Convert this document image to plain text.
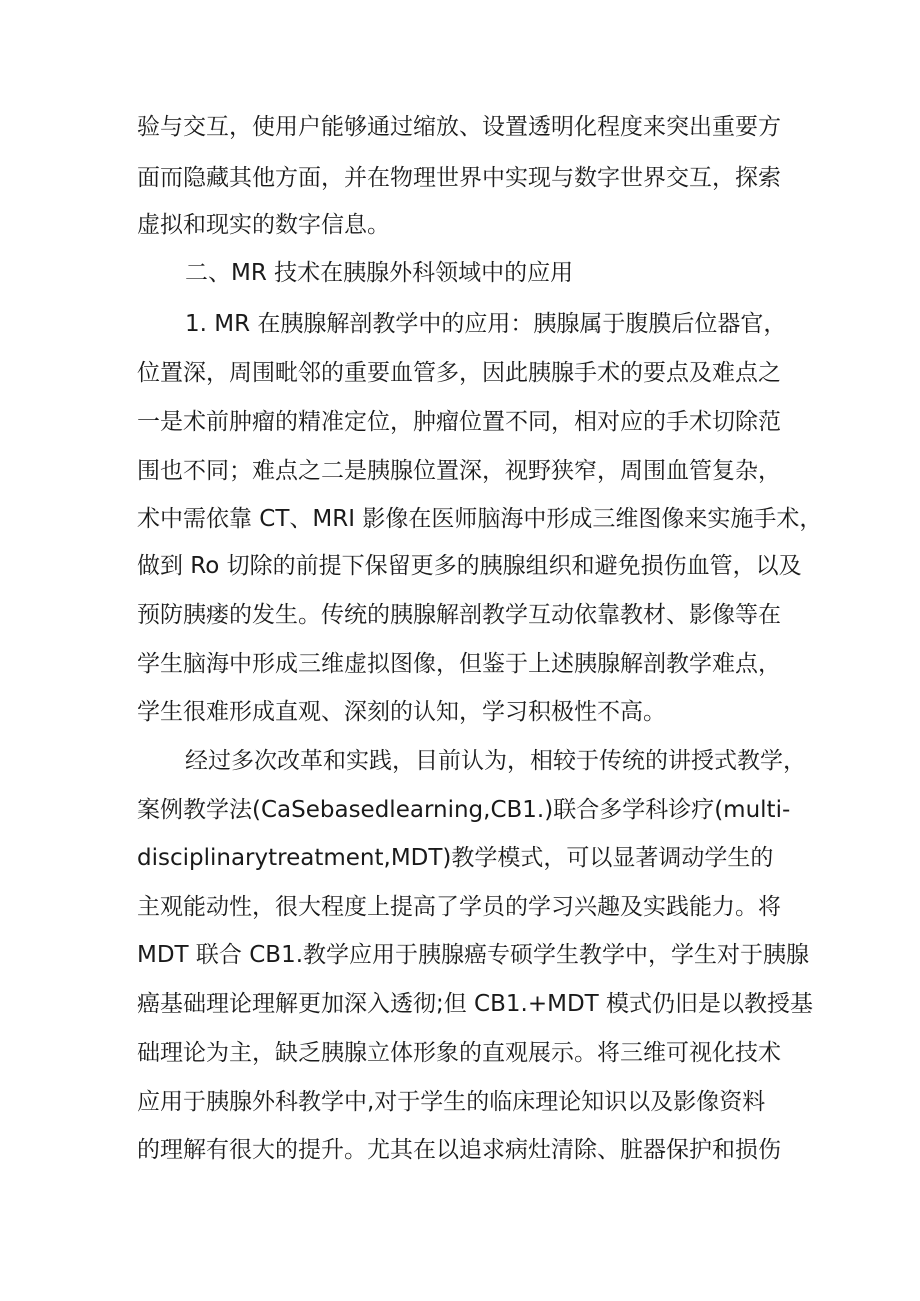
验与交互，使用户能够通过缩放、设置透明化程度来突出重要方
面而隐藏其他方面，并在物理世界中实现与数字世界交互，探索
虚拟和现实的数字信息。
二、MR 技术在胰腺外科领域中的应用
1. MR 在胰腺解剖教学中的应用：胰腺属于腹膜后位器官，
位置深，周围毗邻的重要血管多，因此胰腺手术的要点及难点之
一是术前肿瘤的精准定位，肿瘤位置不同，相对应的手术切除范
围也不同；难点之二是胰腺位置深，视野狭窄，周围血管复杂，
术中需依靠 CT、MRI 影像在医师脑海中形成三维图像来实施手术，
做到 Ro 切除的前提下保留更多的胰腺组织和避免损伤血管，以及
预防胰瘘的发生。传统的胰腺解剖教学互动依靠教材、影像等在
学生脑海中形成三维虚拟图像，但鉴于上述胰腺解剖教学难点，
学生很难形成直观、深刻的认知，学习积极性不高。
经过多次改革和实践，目前认为，相较于传统的讲授式教学，
案例教学法(CaSebasedlearning,CB1.)联合多学科诊疗(multi-
disciplinarytreatment,MDT)教学模式，可以显著调动学生的
主观能动性，很大程度上提高了学员的学习兴趣及实践能力。将
MDT 联合 CB1.教学应用于胰腺癌专硕学生教学中，学生对于胰腺
癌基础理论理解更加深入透彻;但 CB1.+MDT 模式仍旧是以教授基
础理论为主，缺乏胰腺立体形象的直观展示。将三维可视化技术
应用于胰腺外科教学中,对于学生的临床理论知识以及影像资料
的理解有很大的提升。尤其在以追求病灶清除、脏器保护和损伤
